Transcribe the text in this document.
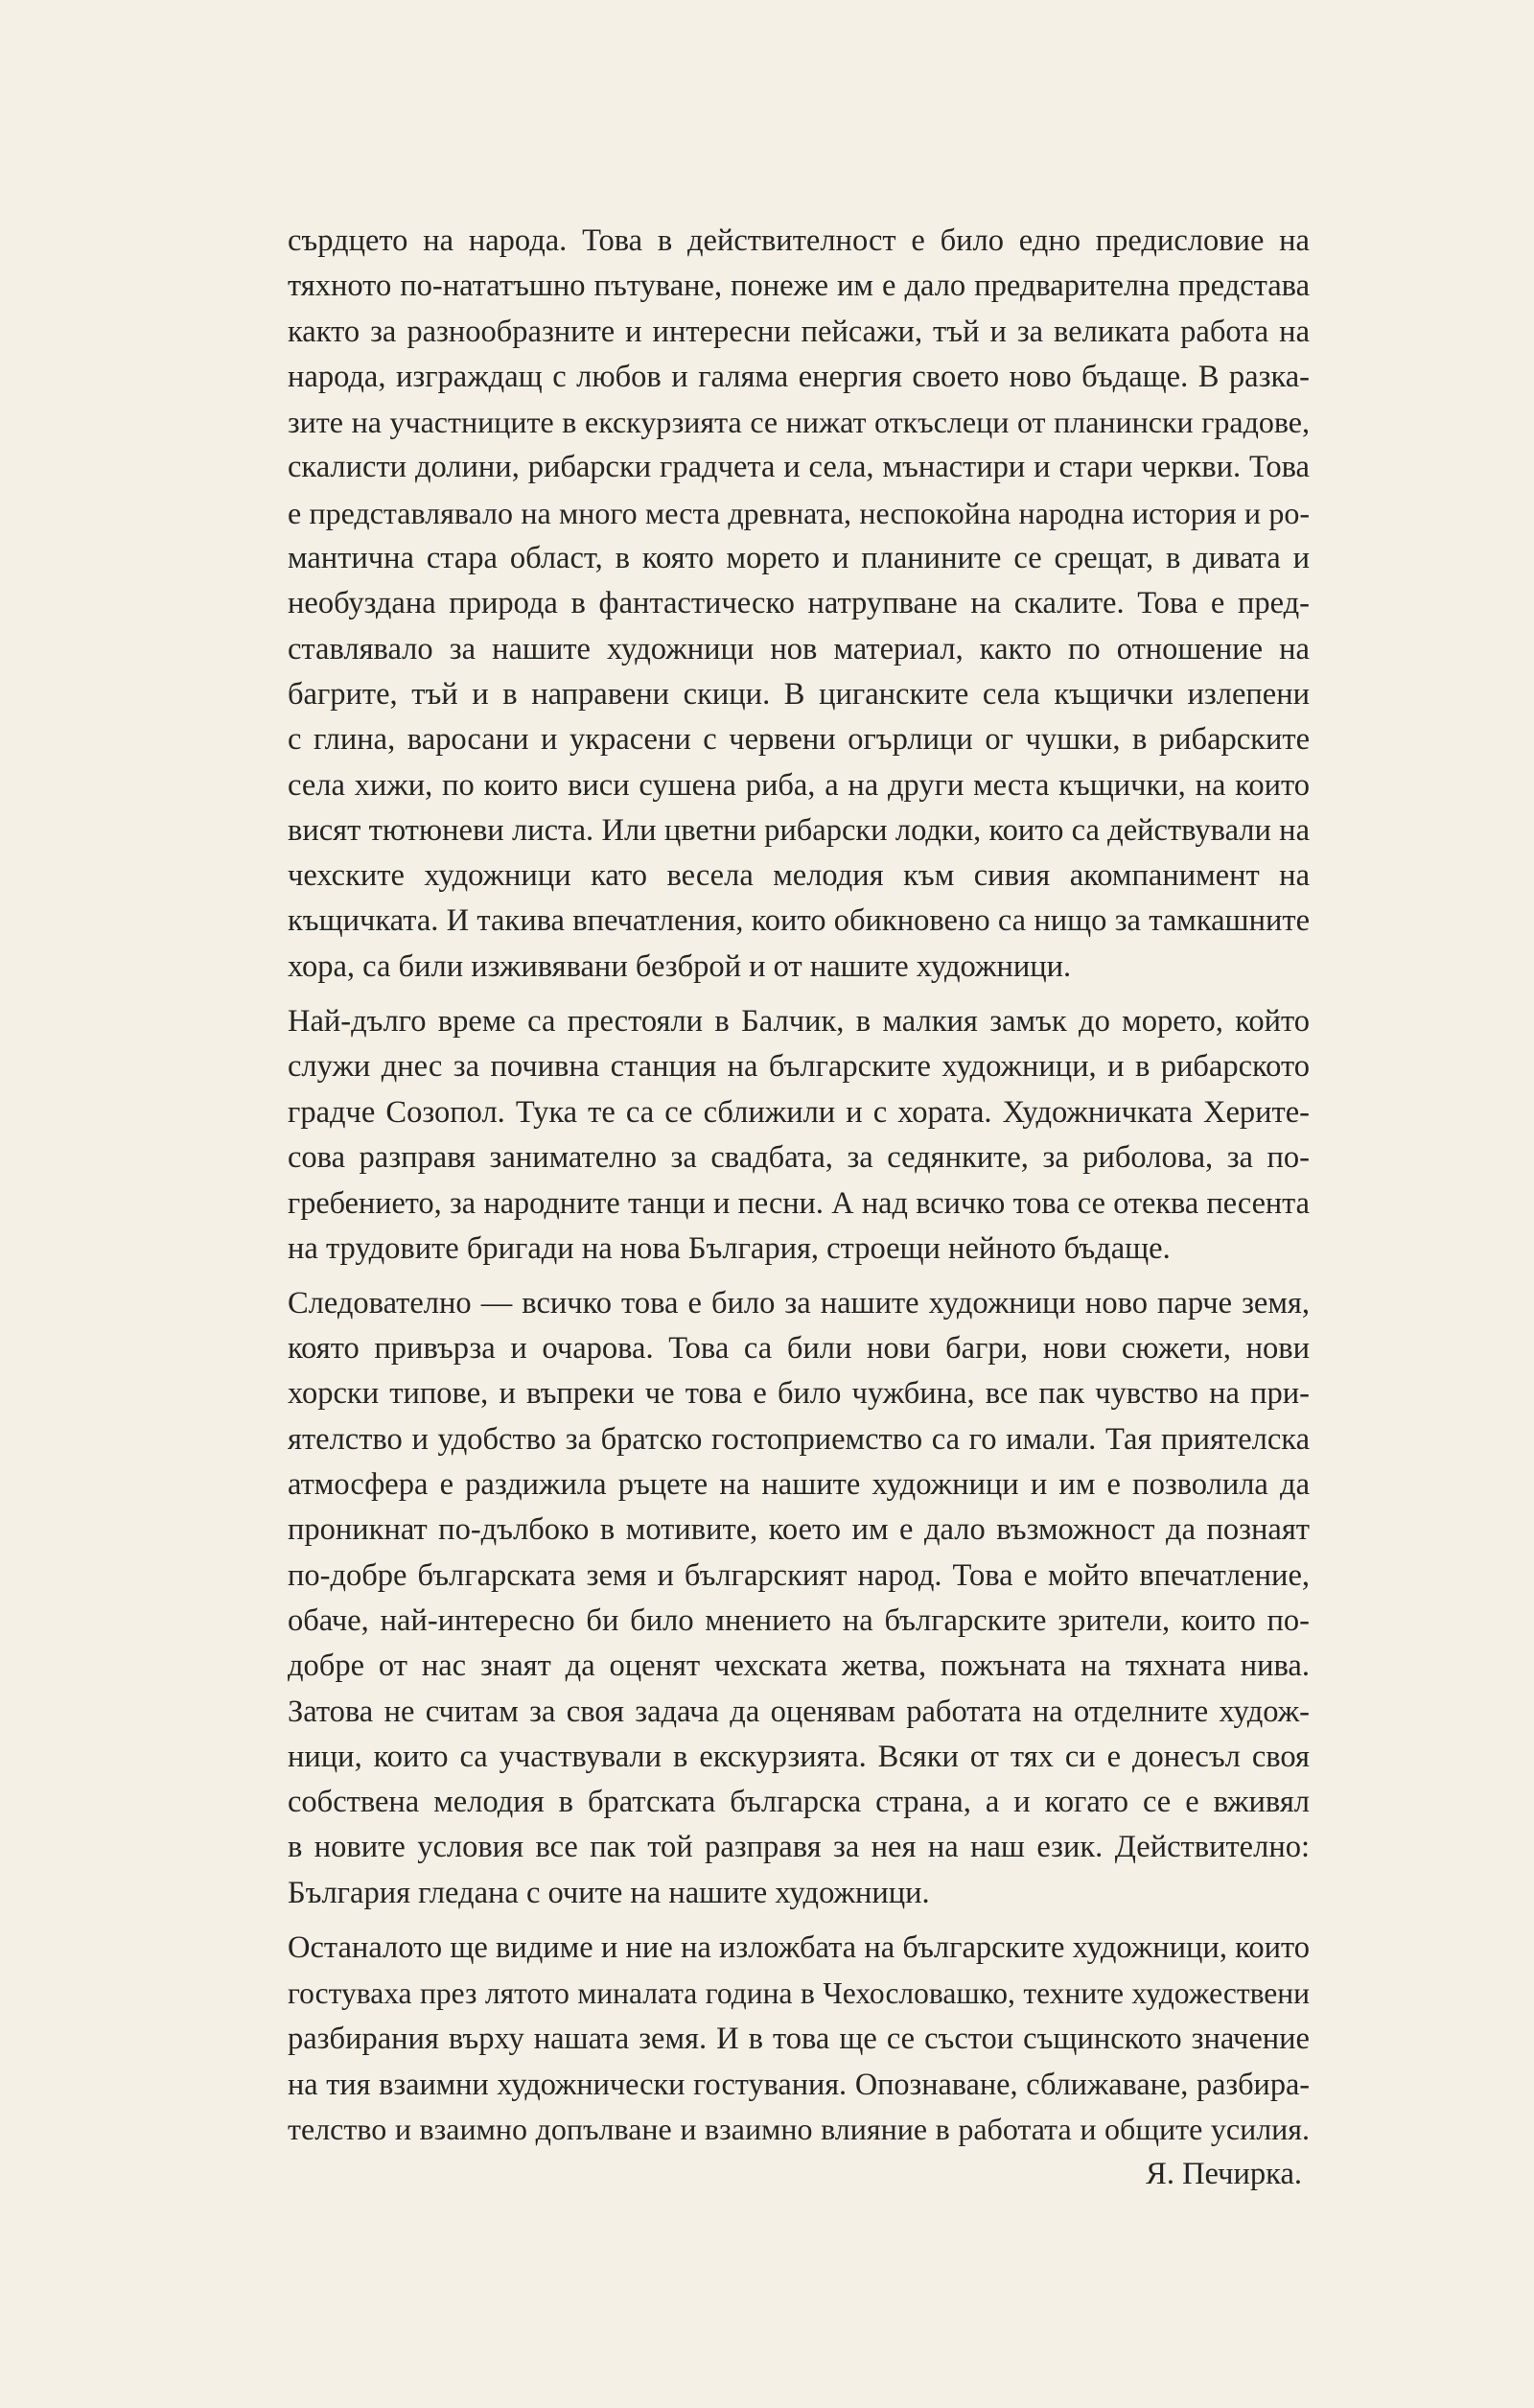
сърдцето на народа. Това в действителност е било едно предисловие на
тяхното по-нататъшно пътуване, понеже им е дало предварителна представа
както за разнообразните и интересни пейсажи, тъй и за великата работа на
народа, изграждащ с любов и галяма енергия своето ново бъдаще. В разка-
зите на участниците в екскурзията се нижат откъслеци от планински градове,
скалисти долини, рибарски градчета и села, мънастири и стари черкви. Това
е представлявало на много места древната, неспокойна народна история и ро-
мантична стара област, в която морето и планините се срещат, в дивата и
необуздана природа в фантастическо натрупване на скалите. Това е пред-
ставлявало за нашите художници нов материал, както по отношение на
багрите, тъй и в направени скици. В циганските села къщички излепени
с глина, варосани и украсени с червени огърлици ог чушки, в рибарските
села хижи, по които виси сушена риба, а на други места къщички, на които
висят тютюневи листа. Или цветни рибарски лодки, които са действували на
чехските художници като весела мелодия към сивия акомпанимент на
къщичката. И такива впечатления, които обикновено са нищо за тамкашните
хора, са били изживявани безброй и от нашите художници.
Най-дълго време са престояли в Балчик, в малкия замък до морето, който
служи днес за почивна станция на българските художници, и в рибарското
градче Созопол. Тука те са се сближили и с хората. Художничката Херите-
сова разправя занимателно за свадбата, за седянките, за риболова, за по-
гребението, за народните танци и песни. А над всичко това се отеква песента
на трудовите бригади на нова България, строещи нейното бъдаще.
Следователно — всичко това е било за нашите художници ново парче земя,
която привърза и очарова. Това са били нови багри, нови сюжети, нови
хорски типове, и въпреки че това е било чужбина, все пак чувство на при-
ятелство и удобство за братско гостоприемство са го имали. Тая приятелска
атмосфера е раздижила ръцете на нашите художници и им е позволила да
проникнат по-дълбоко в мотивите, което им е дало възможност да познаят
по-добре българската земя и българският народ. Това е мойто впечатление,
обаче, най-интересно би било мнението на българските зрители, които по-
добре от нас знаят да оценят чехската жетва, пожънатa на тяхната нива.
Затова не считам за своя задача да оценявам работата на отделните худож-
ници, които са участвували в екскурзията. Всяки от тях си е донесъл своя
собствена мелодия в братската българска страна, а и когато се е вживял
в новите условия все пак той разправя за нея на наш език. Действително:
България гледана с очите на нашите художници.
Останалото ще видиме и ние на изложбата на българските художници, които
гостуваха през лятото миналата година в Чехословашко, техните художествени
разбирания върху нашата земя. И в това ще се състои същинското значение
на тия взаимни художнически гостувания. Опознаване, сближаване, разбира-
телство и взаимно допълване и взаимно влияние в работата и общите усилия.
Я. Печирка.
